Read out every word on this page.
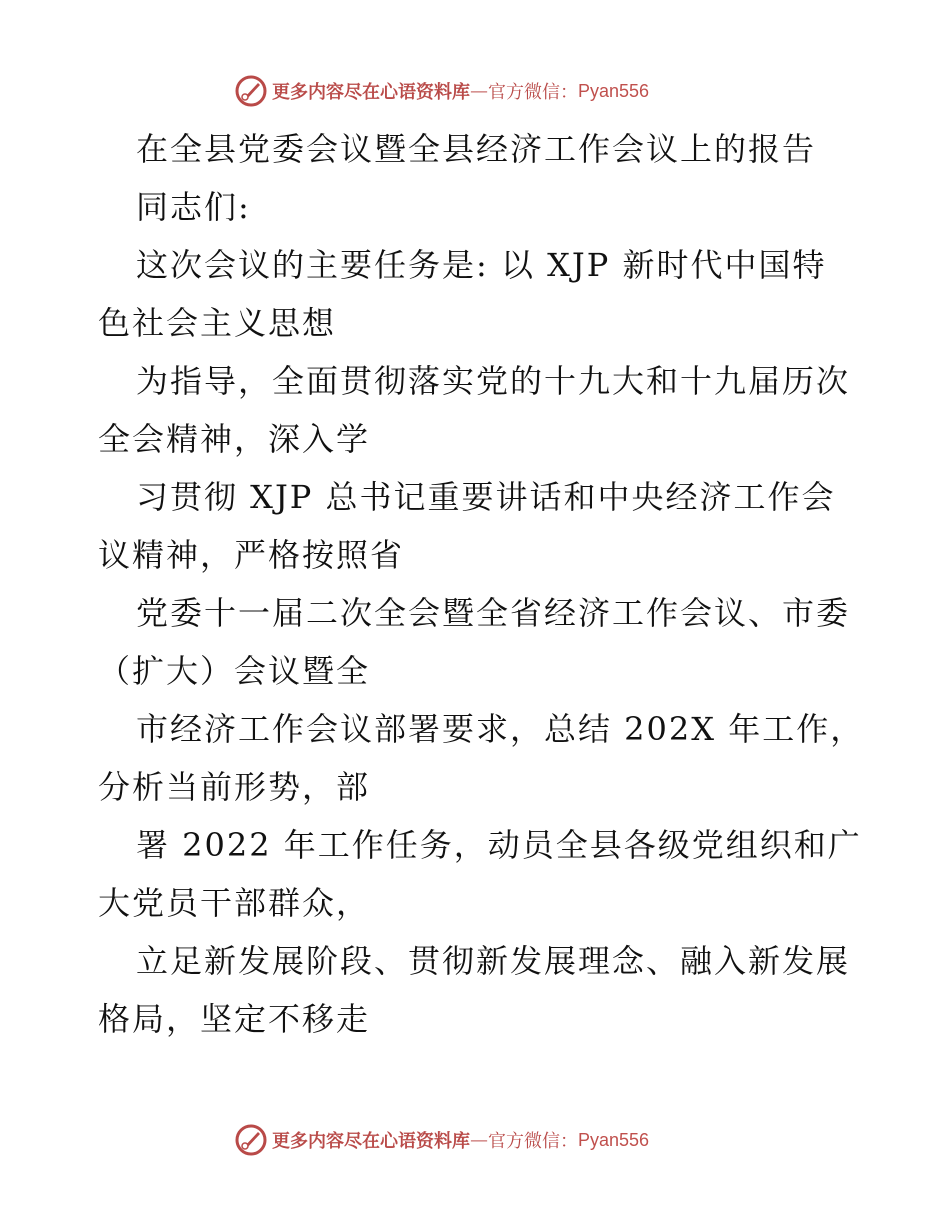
更多内容尽在心语资料库 — 官方微信： Pyan556
在全县党委会议暨全县经济工作会议上的报告
同志们:
这次会议的主要任务是: 以 XJP 新时代中国特
色社会主义思想
为指导，全面贯彻落实党的十九大和十九届历次
全会精神，深入学
习贯彻 XJP 总书记重要讲话和中央经济工作会
议精神，严格按照省
党委十一届二次全会暨全省经济工作会议、市委
（扩大）会议暨全
市经济工作会议部署要求，总结 202X 年工作，
分析当前形势，部
署 2022 年工作任务，动员全县各级党组织和广
大党员干部群众，
立足新发展阶段、贯彻新发展理念、融入新发展
格局，坚定不移走
更多内容尽在心语资料库 — 官方微信： Pyan556
